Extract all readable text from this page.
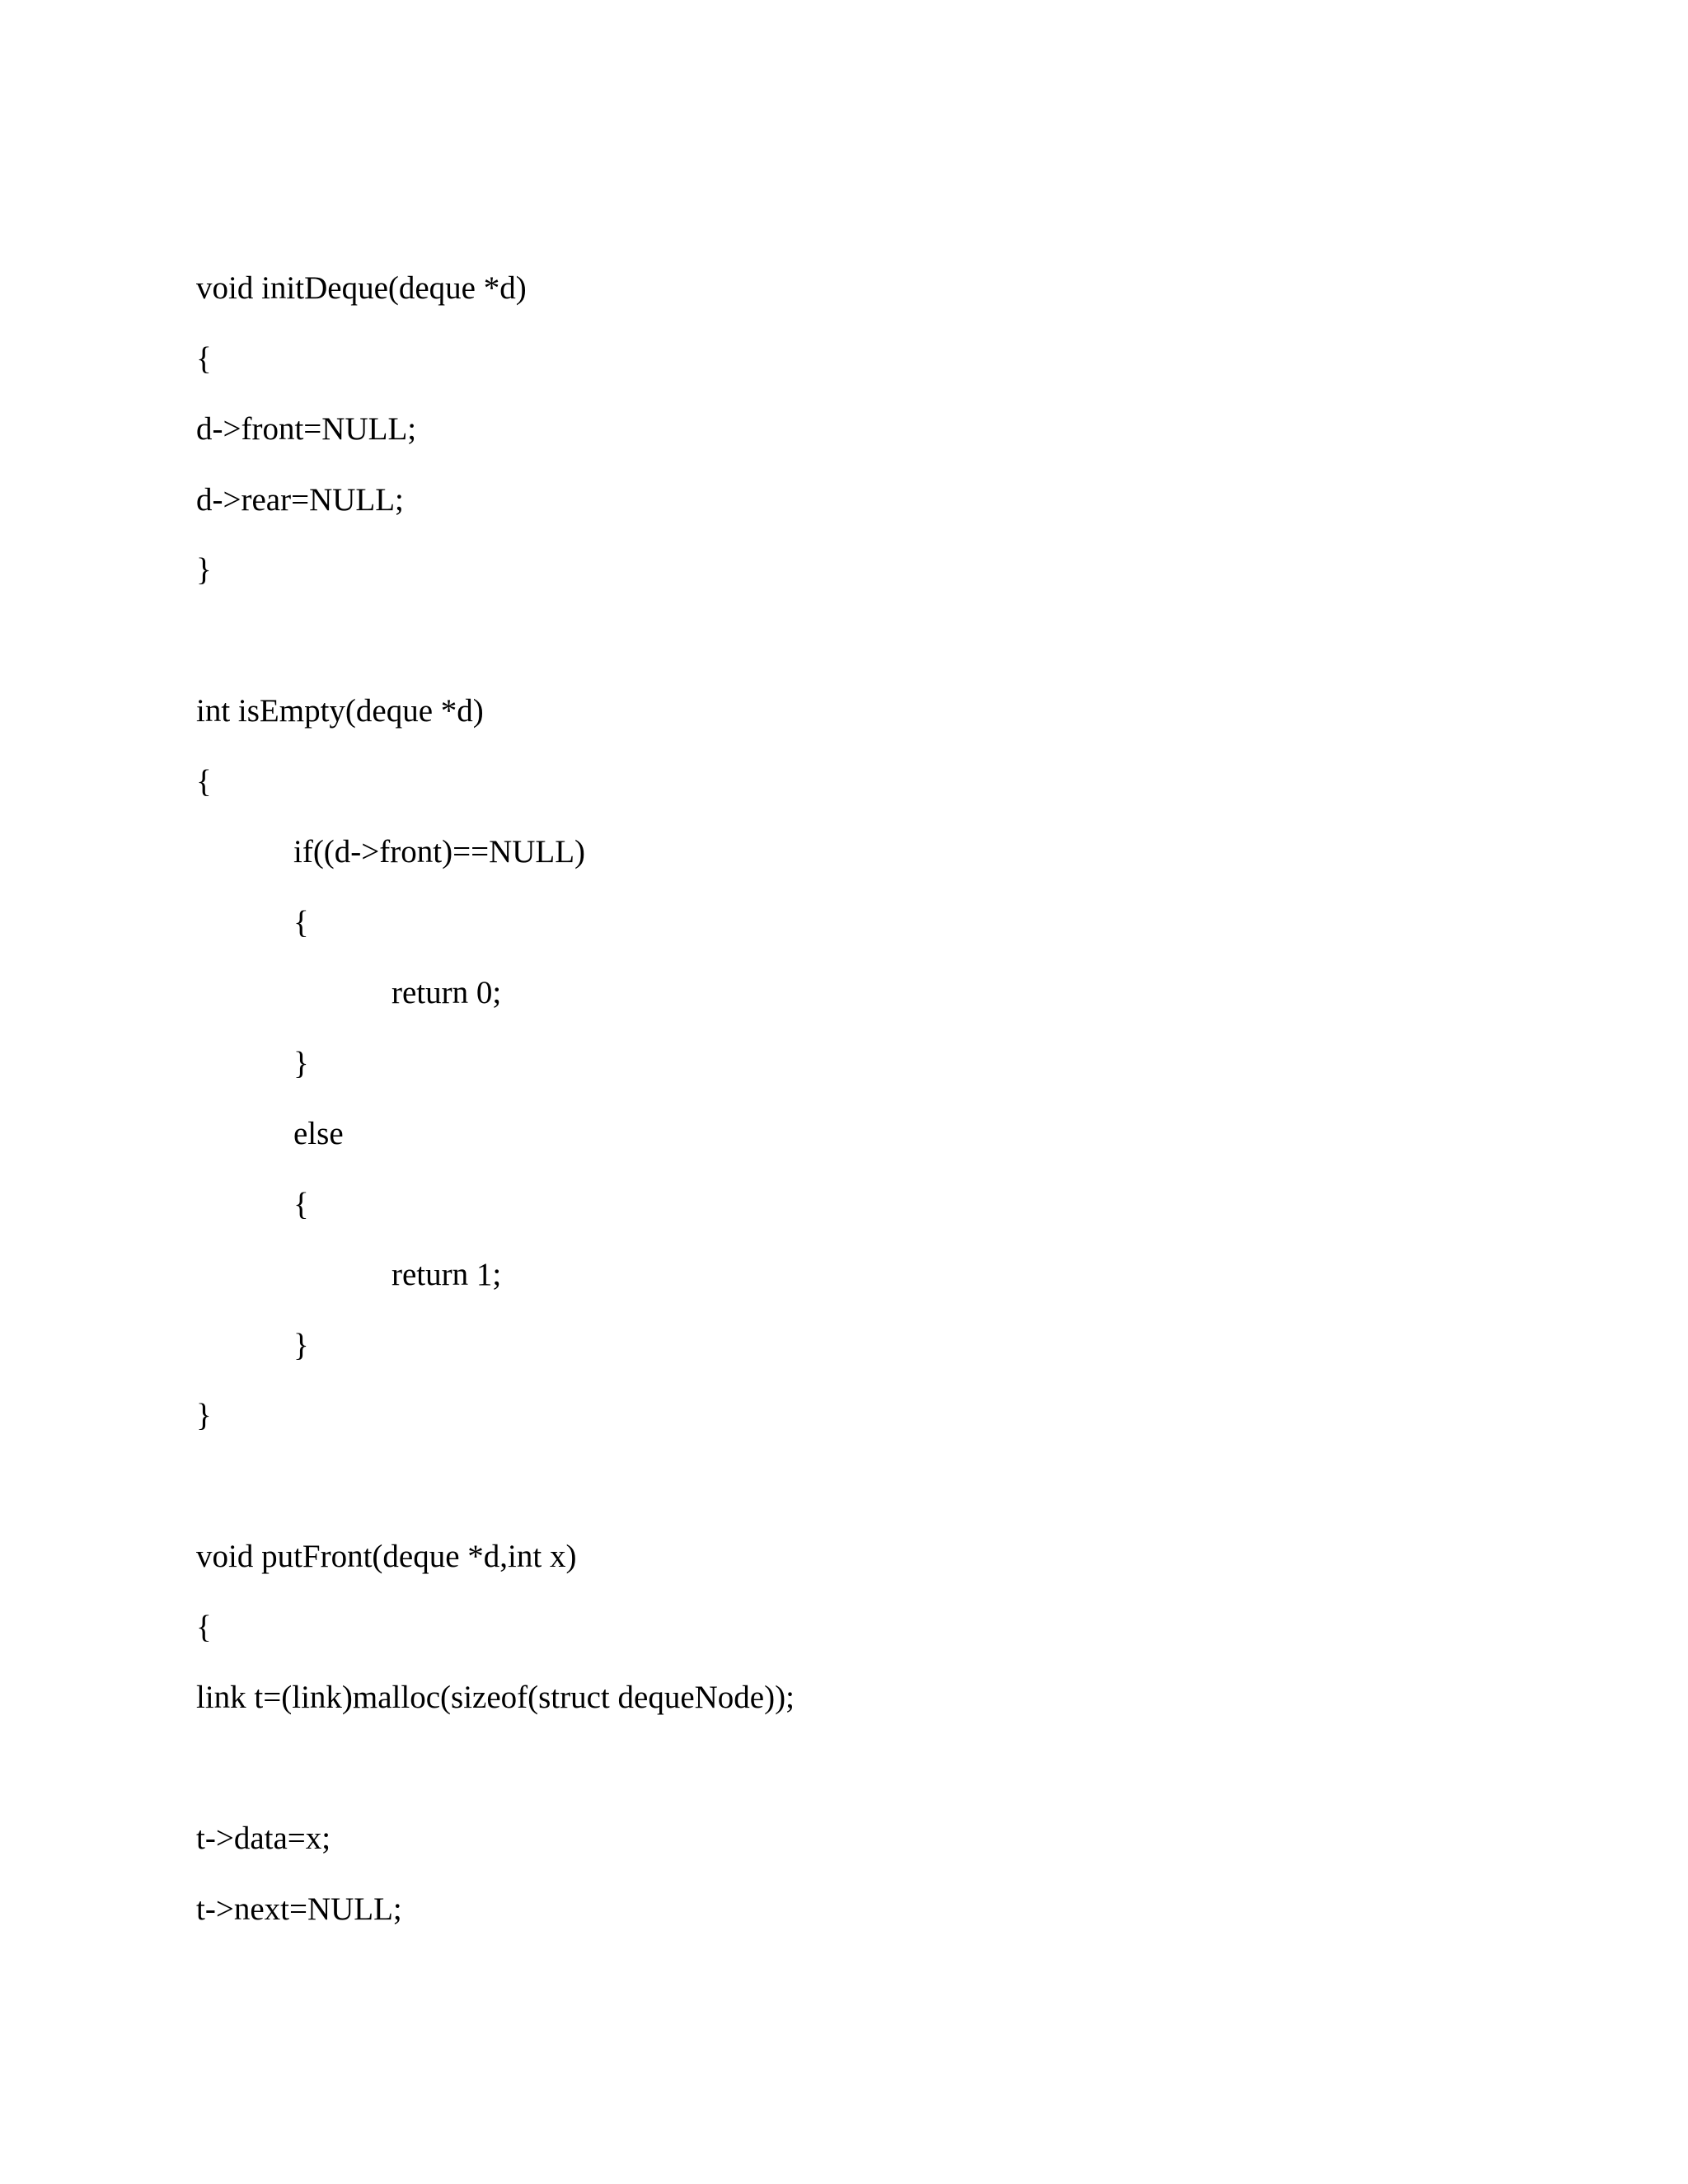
void initDeque(deque *d)
{
d->front=NULL;
d->rear=NULL;
}
int isEmpty(deque *d)
{
if((d->front)==NULL)
{
return 0;
}
else
{
return 1;
}
}
void putFront(deque *d,int x)
{
link t=(link)malloc(sizeof(struct dequeNode));
t->data=x;
t->next=NULL;
